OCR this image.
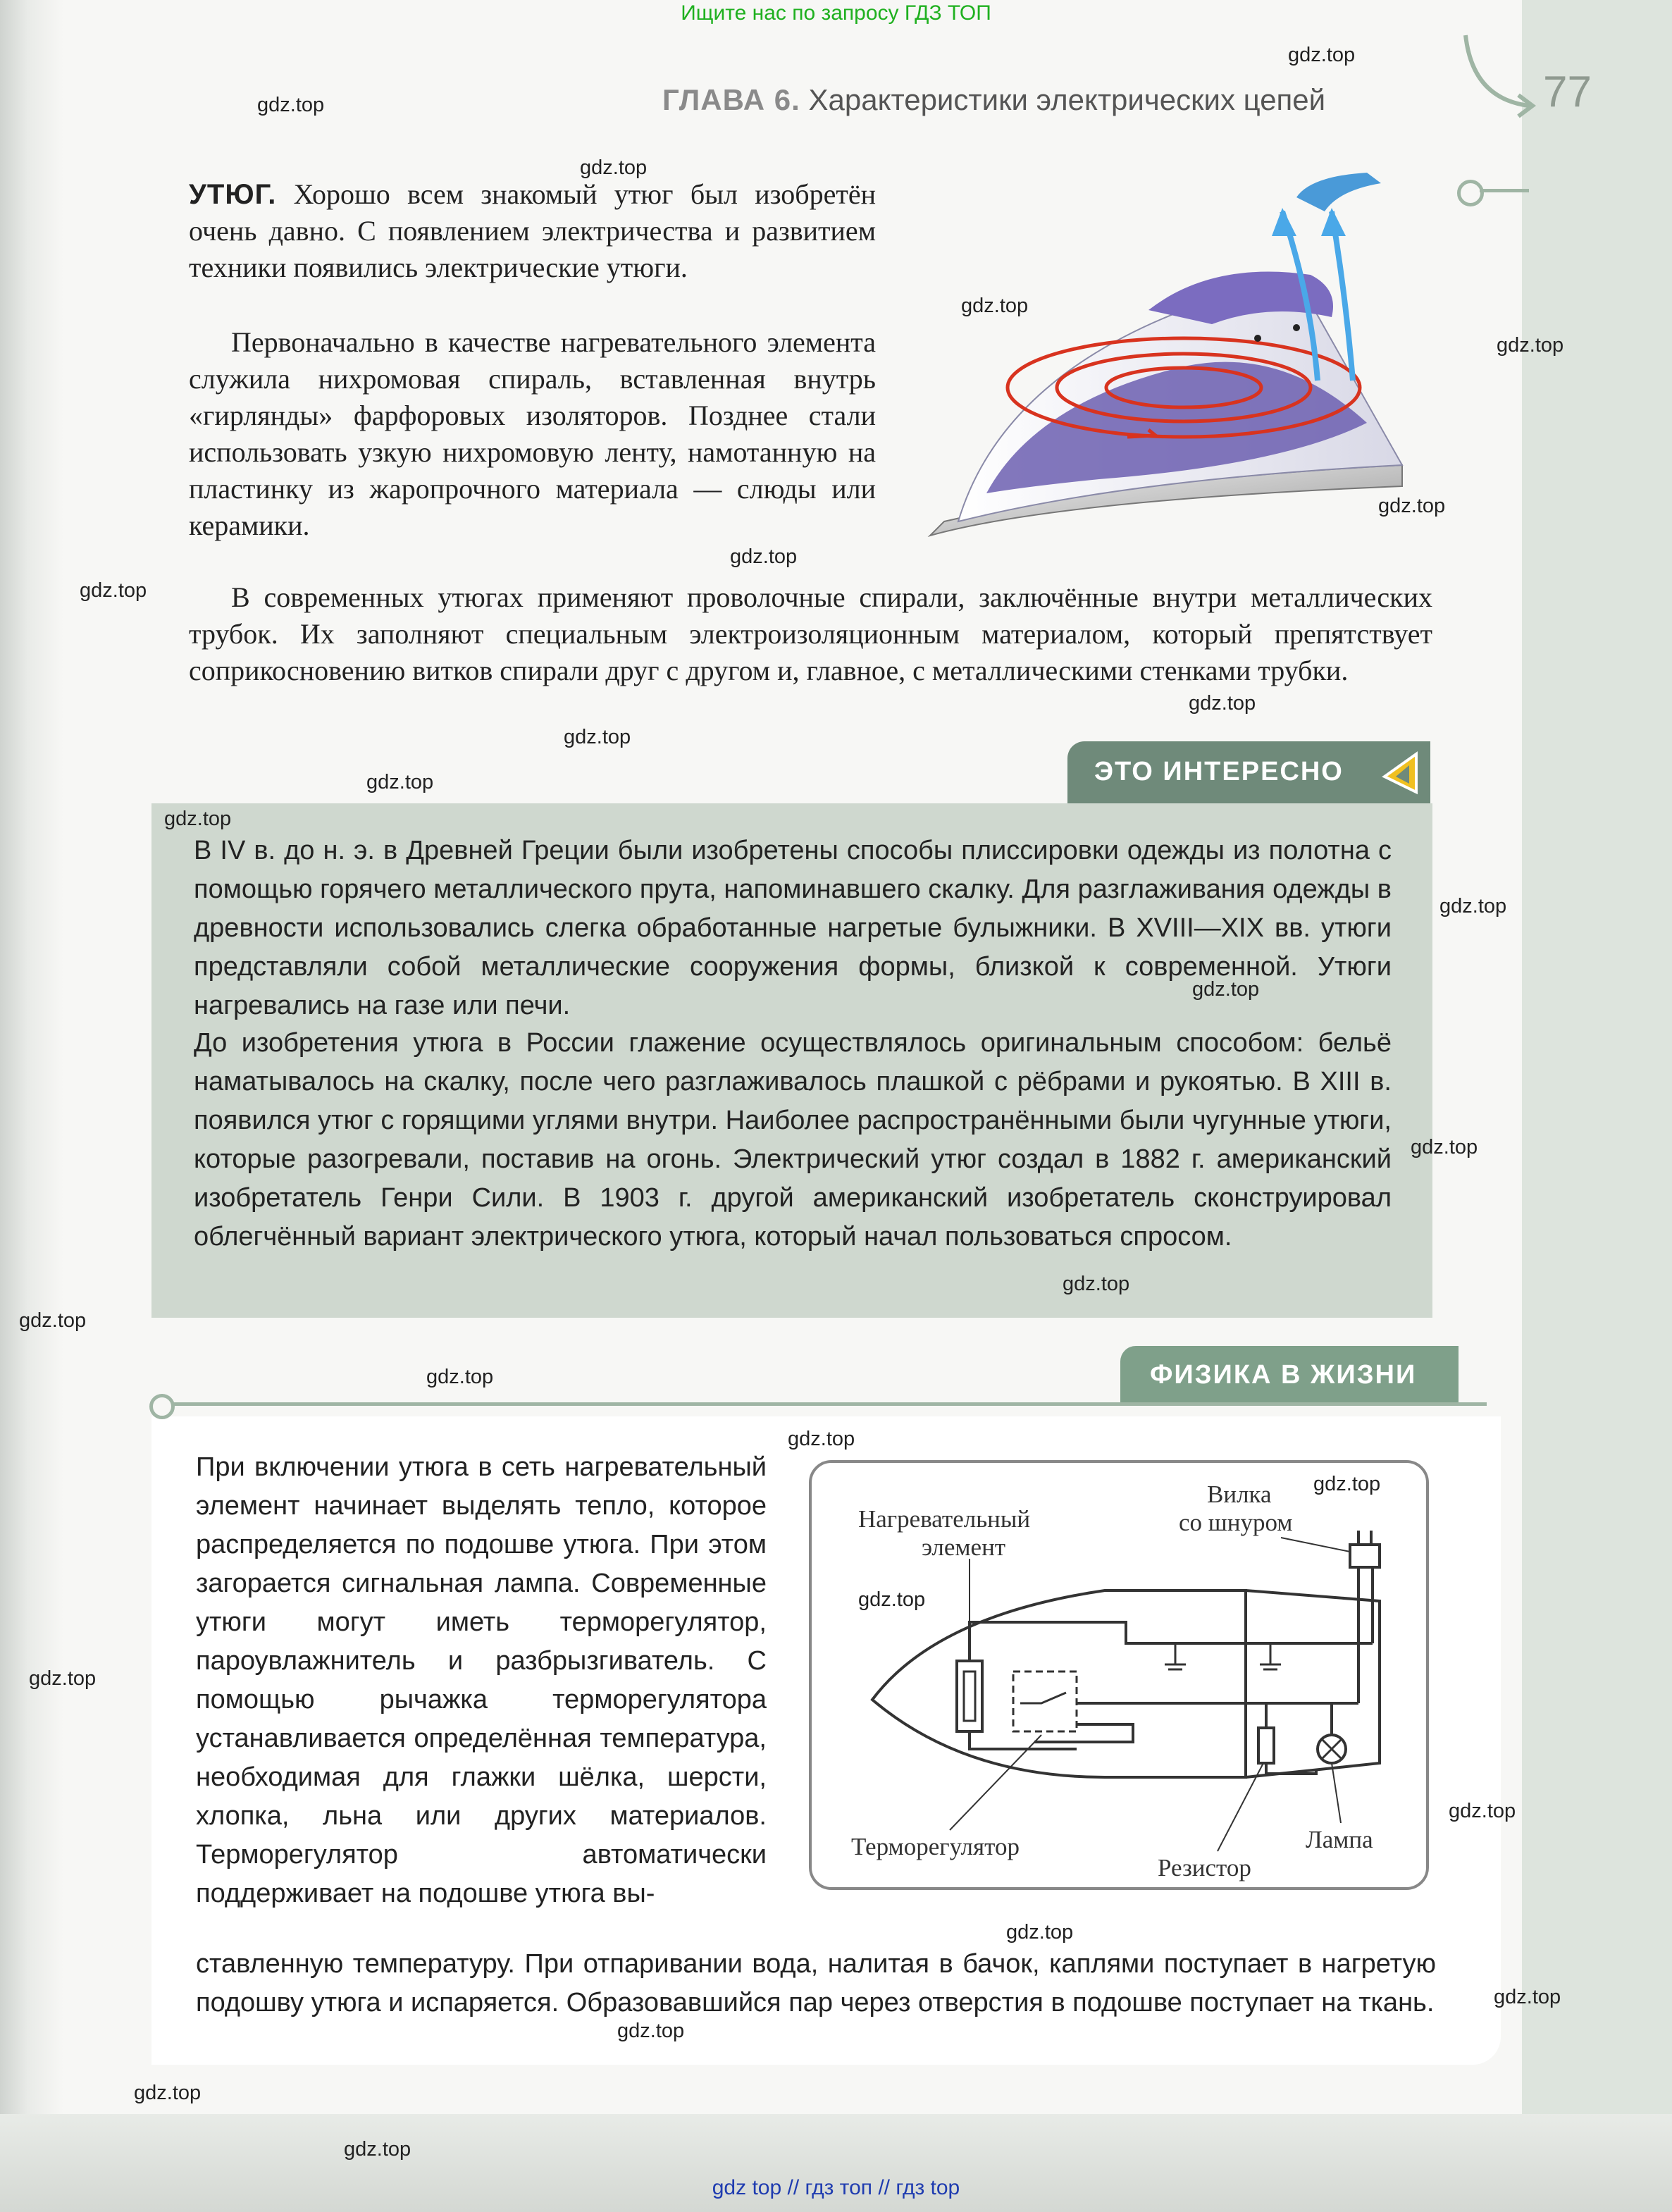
Ищите нас по запросу ГДЗ ТОП
ГЛАВА 6. Характеристики электрических цепей	77
УТЮГ. Хорошо всем знакомый утюг был изобретён очень давно. С появлением электричества и развитием техники появились электрические утюги.
Первоначально в качестве нагревательного элемента служила нихромовая спираль, вставленная внутрь «гирлянды» фарфоровых изоляторов. Позднее стали использовать узкую нихромовую ленту, намотанную на пластинку из жаропрочного материала — слюды или керамики.
В современных утюгах применяют проволочные спирали, заключённые внутри металлических трубок. Их заполняют специальным электроизоляционным материалом, который препятствует соприкосновению витков спирали друг с другом и, главное, с металлическими стенками трубки.
ЭТО ИНТЕРЕСНО
В IV в. до н. э. в Древней Греции были изобретены способы плиссировки одежды из полотна с помощью горячего металлического прута, напоминавшего скалку. Для разглаживания одежды в древности использовались слегка обработанные нагретые булыжники. В XVIII—XIX вв. утюги представляли собой металлические сооружения формы, близкой к современной. Утюги нагревались на газе или печи.
До изобретения утюга в России глажение осуществлялось оригинальным способом: бельё наматывалось на скалку, после чего разглаживалось плашкой с рёбрами и рукоятью. В XIII в. появился утюг с горящими углями внутри. Наиболее распространёнными были чугунные утюги, которые разогревали, поставив на огонь. Электрический утюг создал в 1882 г. американский изобретатель Генри Сили. В 1903 г. другой американский изобретатель сконструировал облегчённый вариант электрического утюга, который начал пользоваться спросом.
ФИЗИКА В ЖИЗНИ
При включении утюга в сеть нагревательный элемент начинает выделять тепло, которое распределяется по подошве утюга. При этом загорается сигнальная лампа. Современные утюги могут иметь терморегулятор, пароувлажнитель и разбрызгиватель. С помощью рычажка терморегулятора устанавливается определённая температура, необходимая для глажки шёлка, шерсти, хлопка, льна или других материалов. Терморегулятор автоматически поддерживает на подошве утюга вы-
ставленную температуру. При отпаривании вода, налитая в бачок, каплями поступает в нагретую подошву утюга и испаряется. Образовавшийся пар через отверстия в подошве поступает на ткань.
Нагревательный
элемент
Вилка
со шнуром
Терморегулятор
Резистор
Лампа
gdz.top
gdz.top
gdz.top
gdz.top
gdz.top
gdz.top
gdz.top
gdz.top
gdz.top
gdz.top
gdz.top
gdz.top
gdz.top
gdz.top
gdz.top
gdz.top
gdz.top
gdz.top
gdz.top
gdz.top
gdz.top
gdz.top
gdz.top
gdz.top
gdz.top
gdz.top
gdz.top
gdz.top
gdz top // гдз топ // гдз top
